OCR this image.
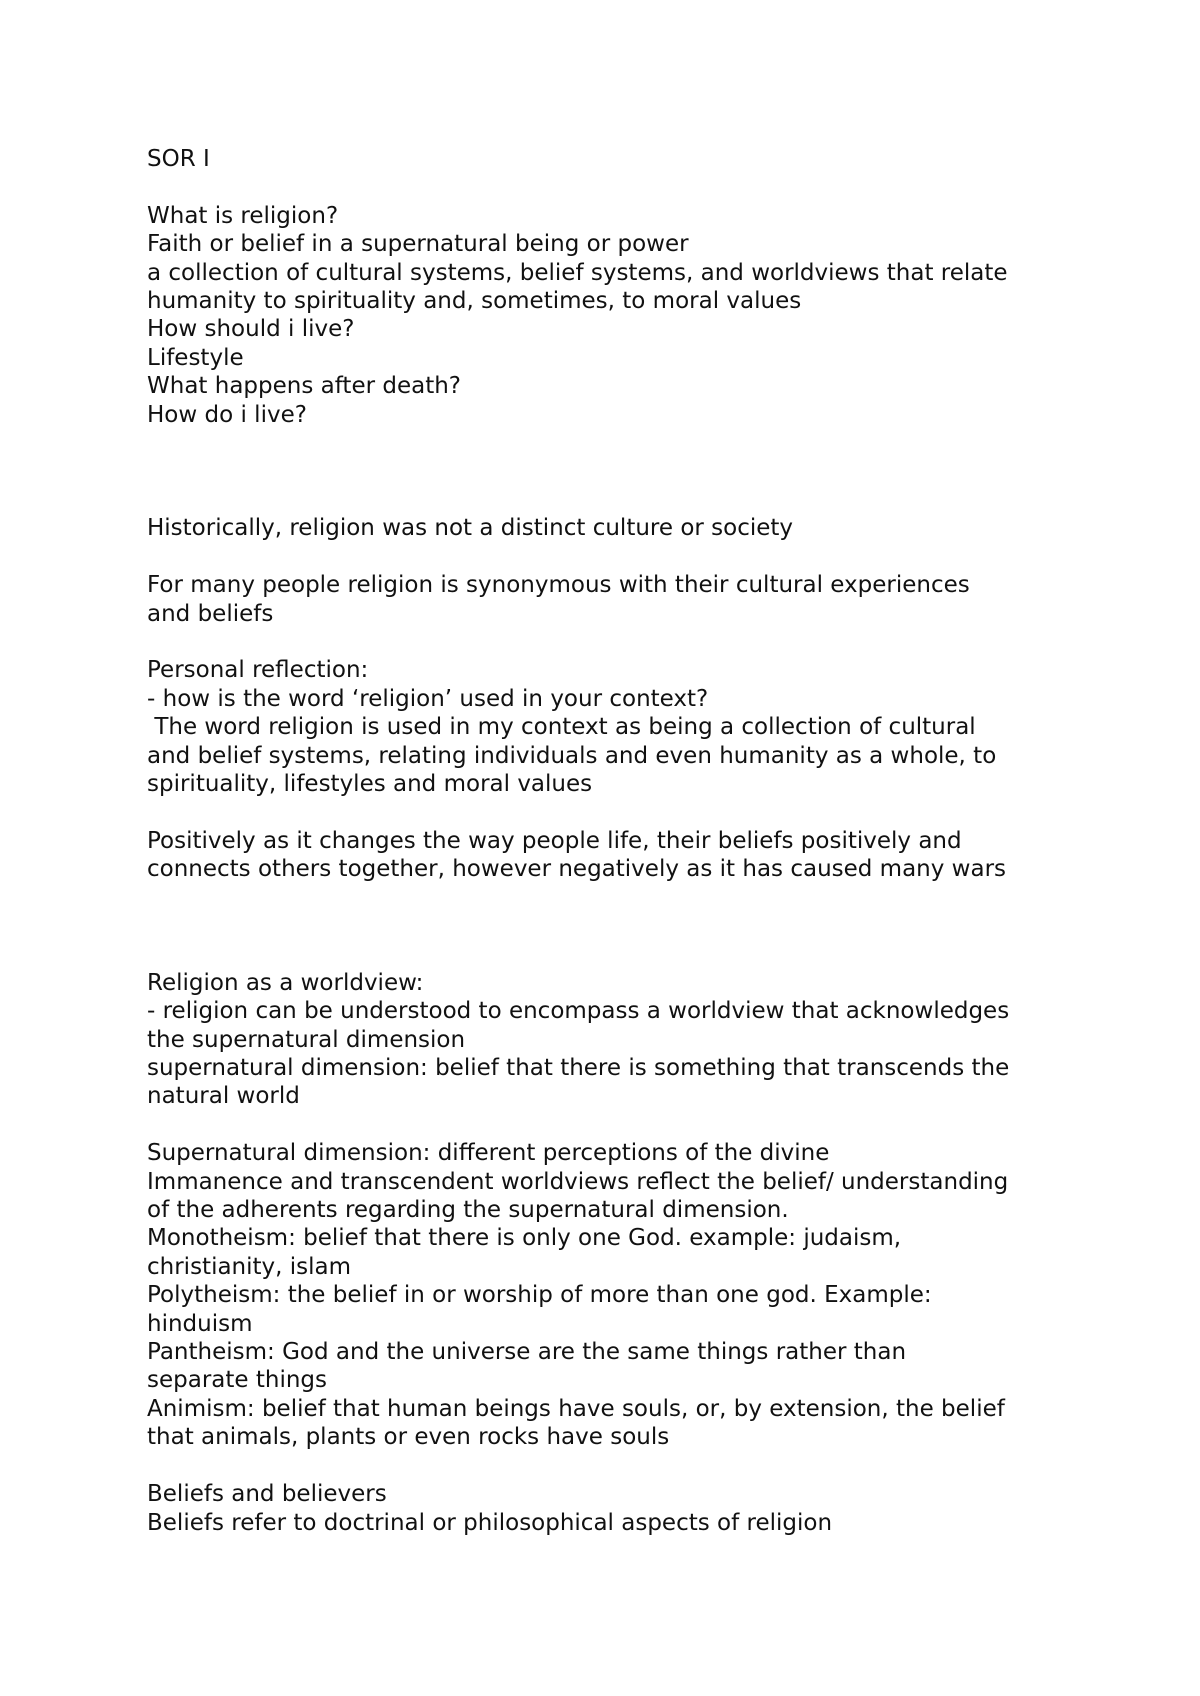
SOR I

What is religion?
Faith or belief in a supernatural being or power
a collection of cultural systems, belief systems, and worldviews that relate
humanity to spirituality and, sometimes, to moral values
How should i live?
Lifestyle
What happens after death?
How do i live?

Historically, religion was not a distinct culture or society

For many people religion is synonymous with their cultural experiences
and beliefs

Personal reflection:
- how is the word ‘religion’ used in your context?
The word religion is used in my context as being a collection of cultural
and belief systems, relating individuals and even humanity as a whole, to
spirituality, lifestyles and moral values

Positively as it changes the way people life, their beliefs positively and
connects others together, however negatively as it has caused many wars

Religion as a worldview:
- religion can be understood to encompass a worldview that acknowledges
the supernatural dimension
supernatural dimension: belief that there is something that transcends the
natural world

Supernatural dimension: different perceptions of the divine
Immanence and transcendent worldviews reflect the belief/ understanding
of the adherents regarding the supernatural dimension.
Monotheism: belief that there is only one God. example: judaism,
christianity, islam
Polytheism: the belief in or worship of more than one god. Example:
hinduism
Pantheism: God and the universe are the same things rather than
separate things
Animism: belief that human beings have souls, or, by extension, the belief
that animals, plants or even rocks have souls

Beliefs and believers
Beliefs refer to doctrinal or philosophical aspects of religion
